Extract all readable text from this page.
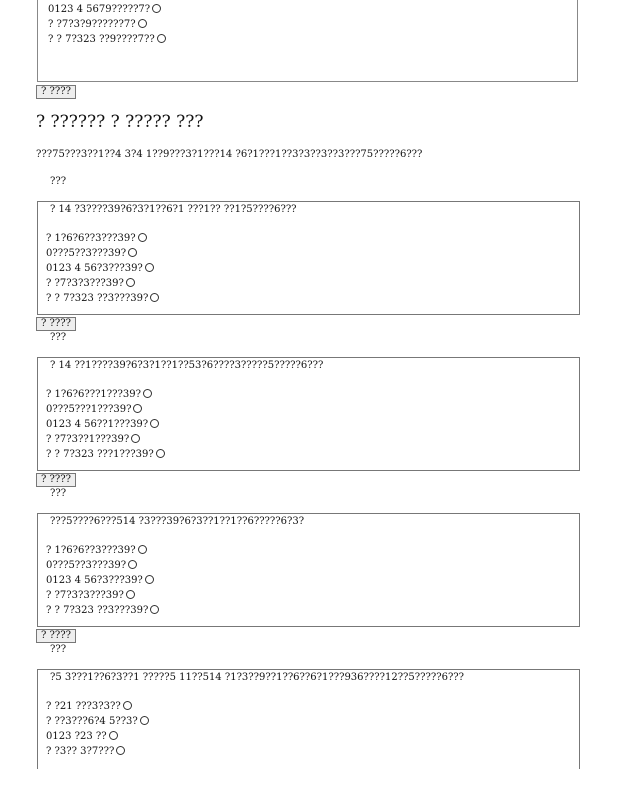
0123 4 5679?????7?
? ?7?3?9??????7?
? ? 7?323 ??9????7??
? ????
? ?????? ? ????? ???

???75???3??1??4 3?4 1??9???3?1???14 ?6?1???1??3?3??3??3???75?????6???

???

? 14 ?3????39?6?3?1??6?1 ???1?? ??1?5????6???

? 1?6?6??3???39?
0???5??3???39?
0123 4 56?3???39?
? ?7?3?3???39?
? ? 7?323 ??3???39?
? ????
???

? 14 ??1????39?6?3?1??1??53?6????3?????5?????6???

? 1?6?6???1???39?
0???5???1???39?
0123 4 56??1???39?
? ?7?3??1???39?
? ? 7?323 ???1???39?
? ????
???

???5????6???514 ?3???39?6?3??1??1??6?????6?3?

? 1?6?6??3???39?
0???5??3???39?
0123 4 56?3???39?
? ?7?3?3???39?
? ? 7?323 ??3???39?
? ????
???

?5 3???1??6?3??1 ?????5 11??514 ?1?3??9??1??6??6?1???936????12??5?????6???

? ?21 ???3?3??
? ??3???6?4 5??3?
0123 ?23 ??
? ?3?? 3?7???
